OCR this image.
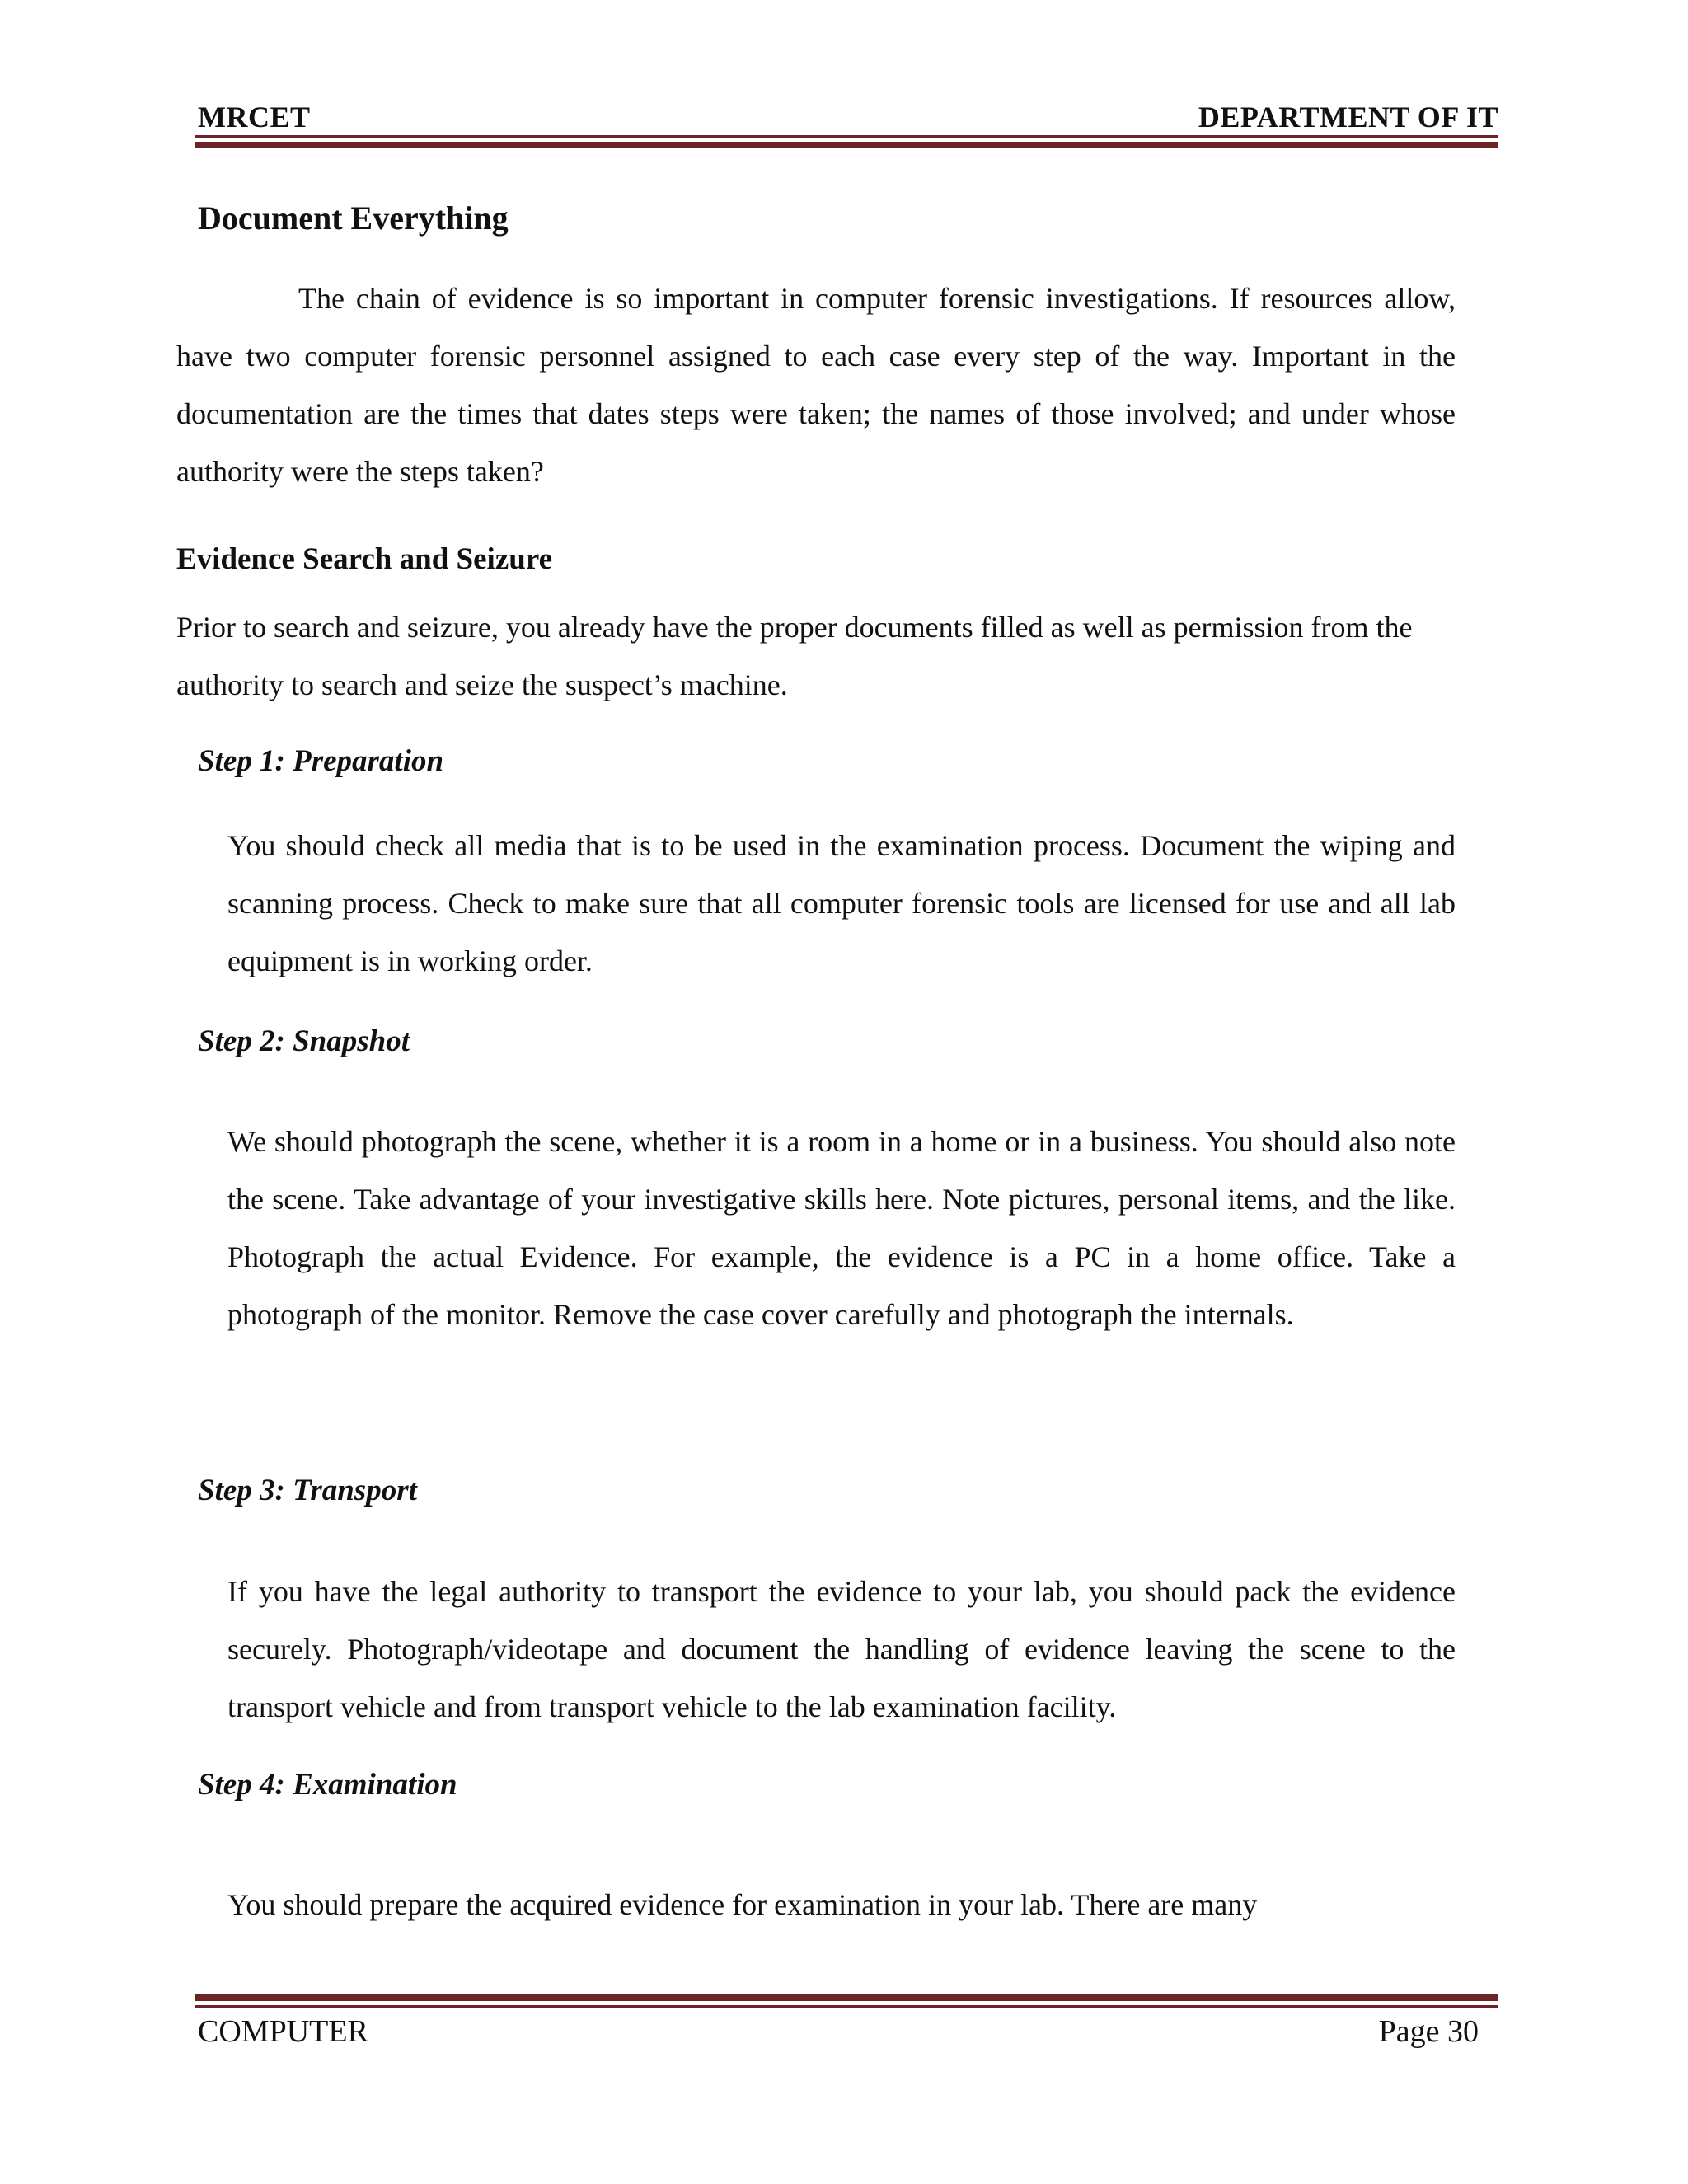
MRCET	DEPARTMENT OF IT
Document Everything

The chain of evidence is so important in computer forensic investigations. If resources allow, have two computer forensic personnel assigned to each case every step of the way. Important in the documentation are the times that dates steps were taken; the names of those involved; and under whose authority were the steps taken?

Evidence Search and Seizure

Prior to search and seizure, you already have the proper documents filled as well as permission from the authority to search and seize the suspect’s machine.

Step 1: Preparation

You should check all media that is to be used in the examination process. Document the wiping and scanning process. Check to make sure that all computer forensic tools are licensed for use and all lab equipment is in working order.

Step 2: Snapshot

We should photograph the scene, whether it is a room in a home or in a business. You should also note the scene. Take advantage of your investigative skills here. Note pictures, personal items, and the like. Photograph the actual Evidence. For example, the evidence is a PC in a home office. Take a photograph of the monitor. Remove the case cover carefully and photograph the internals.

Step 3: Transport

If you have the legal authority to transport the evidence to your lab, you should pack the evidence securely. Photograph/videotape and document the handling of evidence leaving the scene to the transport vehicle and from transport vehicle to the lab examination facility.

Step 4: Examination

You should prepare the acquired evidence for examination in your lab. There are many

COMPUTER	Page 30
